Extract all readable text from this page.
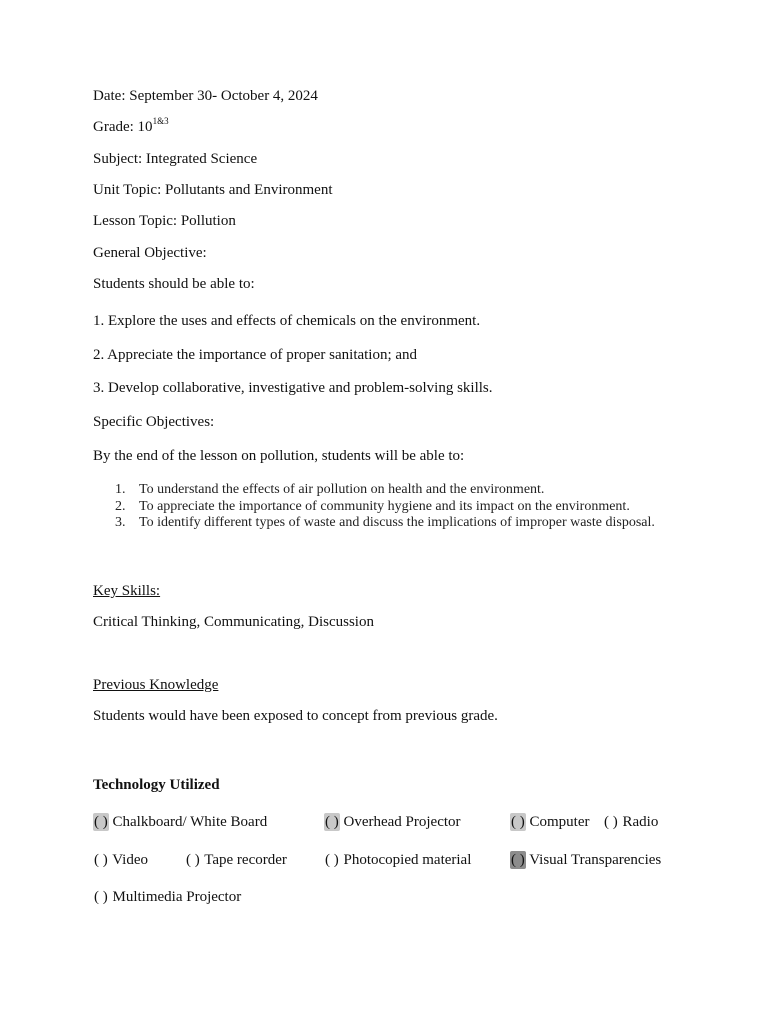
Date: September 30- October 4, 2024
Grade: $10^{1\&3}$
Subject: Integrated Science
Unit Topic: Pollutants and Environment
Lesson Topic: Pollution
General Objective:
Students should be able to:
1. Explore the uses and effects of chemicals on the environment.
2. Appreciate the importance of proper sanitation; and
3. Develop collaborative, investigative and problem-solving skills.
Specific Objectives:
By the end of the lesson on pollution, students will be able to:
1. To understand the effects of air pollution on health and the environment.
2. To appreciate the importance of community hygiene and its impact on the environment.
3. To identify different types of waste and discuss the implications of improper waste disposal.
Key Skills:
Critical Thinking, Communicating, Discussion
Previous Knowledge
Students would have been exposed to concept from previous grade.
Technology Utilized
( ) Chalkboard/ White Board	( ) Overhead Projector	( ) Computer ( ) Radio
( ) Video	( ) Tape recorder	( ) Photocopied material	( ) Visual Transparencies
( ) Multimedia Projector
